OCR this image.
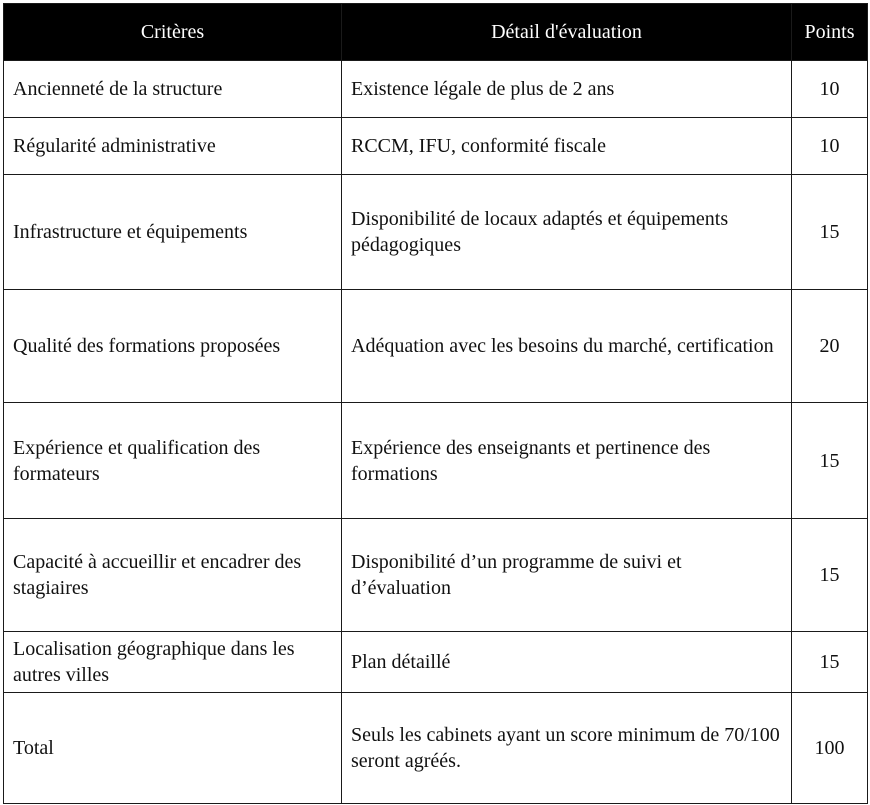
Critères	Détail d'évaluation	Points
Ancienneté de la structure	Existence légale de plus de 2 ans	10
Régularité administrative	RCCM, IFU, conformité fiscale	10
Infrastructure et équipements	Disponibilité de locaux adaptés et équipements pédagogiques	15
Qualité des formations proposées	Adéquation avec les besoins du marché, certification	20
Expérience et qualification des formateurs	Expérience des enseignants et pertinence des formations	15
Capacité à accueillir et encadrer des stagiaires	Disponibilité d’un programme de suivi et d’évaluation	15
Localisation géographique dans les autres villes	Plan détaillé	15
Total	Seuls les cabinets ayant un score minimum de 70/100 seront agréés.	100
